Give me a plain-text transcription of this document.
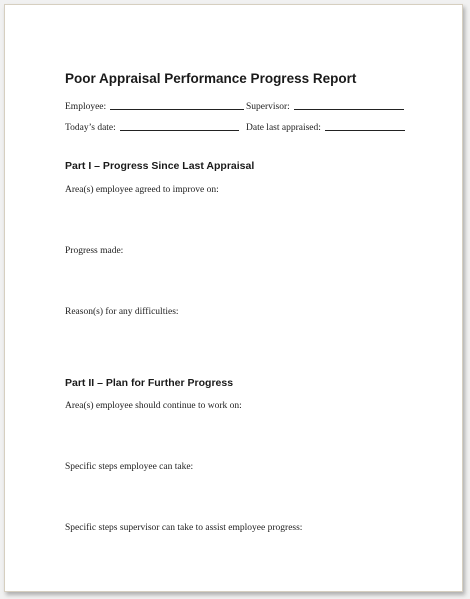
Poor Appraisal Performance Progress Report
Employee:	Supervisor:
Today’s date:	Date last appraised:
Part I – Progress Since Last Appraisal
Area(s) employee agreed to improve on:
Progress made:
Reason(s) for any difficulties:
Part II – Plan for Further Progress
Area(s) employee should continue to work on:
Specific steps employee can take:
Specific steps supervisor can take to assist employee progress:
